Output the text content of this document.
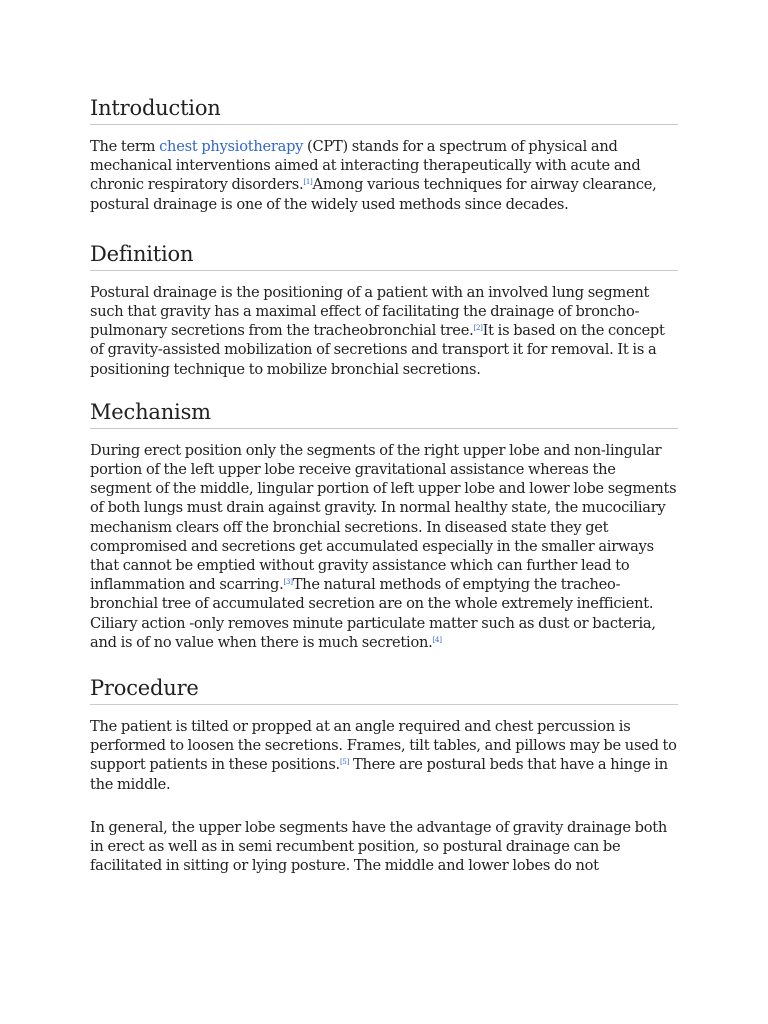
Introduction

The term chest physiotherapy (CPT) stands for a spectrum of physical and mechanical interventions aimed at interacting therapeutically with acute and chronic respiratory disorders.[1]Among various techniques for airway clearance, postural drainage is one of the widely used methods since decades.

Definition

Postural drainage is the positioning of a patient with an involved lung segment such that gravity has a maximal effect of facilitating the drainage of broncho-pulmonary secretions from the tracheobronchial tree.[2]It is based on the concept of gravity-assisted mobilization of secretions and transport it for removal. It is a positioning technique to mobilize bronchial secretions.

Mechanism

During erect position only the segments of the right upper lobe and non-lingular portion of the left upper lobe receive gravitational assistance whereas the segment of the middle, lingular portion of left upper lobe and lower lobe segments of both lungs must drain against gravity. In normal healthy state, the mucociliary mechanism clears off the bronchial secretions. In diseased state they get compromised and secretions get accumulated especially in the smaller airways that cannot be emptied without gravity assistance which can further lead to inflammation and scarring.[3]The natural methods of emptying the tracheo-bronchial tree of accumulated secretion are on the whole extremely inefficient. Ciliary action -only removes minute particulate matter such as dust or bacteria, and is of no value when there is much secretion.[4]

Procedure

The patient is tilted or propped at an angle required and chest percussion is performed to loosen the secretions. Frames, tilt tables, and pillows may be used to support patients in these positions.[5] There are postural beds that have a hinge in the middle.

In general, the upper lobe segments have the advantage of gravity drainage both in erect as well as in semi recumbent position, so postural drainage can be facilitated in sitting or lying posture. The middle and lower lobes do not
